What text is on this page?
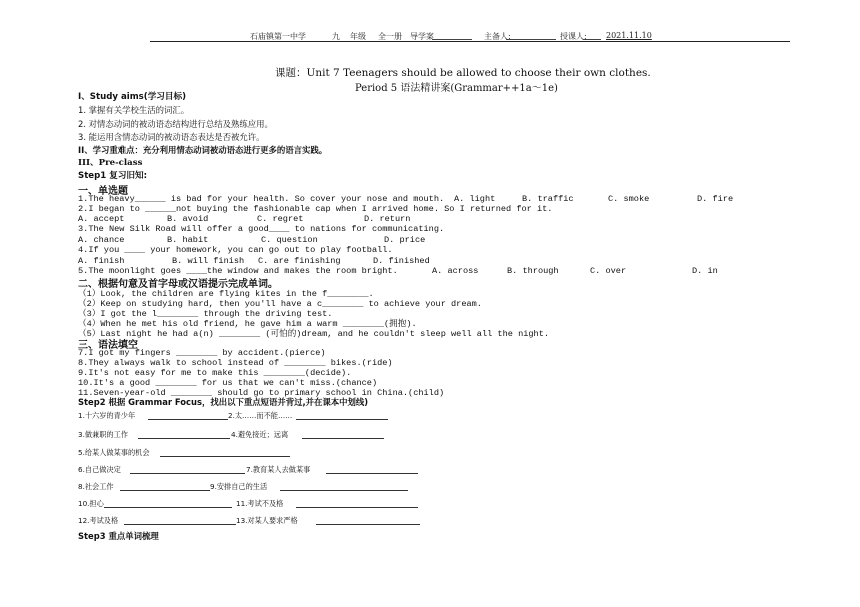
石庙镇第一中学	九 年级 全一册 导学案	主备人:	授课人: 2021.11.10
课题：Unit 7 Teenagers should be allowed to choose their own clothes.
Period 5 语法精讲案(Grammar++1a～1e)
I、Study aims(学习目标)
1. 掌握有关学校生活的词汇。
2. 对情态动词的被动语态结构进行总结及熟练应用。
3. 能运用含情态动词的被动语态表达是否被允许。
II、学习重难点：充分利用情态动词被动语态进行更多的语言实践。
III、Pre-class
Step1 复习旧知:
一、单选题
1.The heavy______ is bad for your health. So cover your nose and mouth. A. light	B. traffic	C. smoke	D. fire
2.I began to ______not buying the fashionable cap when I arrived home. So I returned for it.
A. accept	B. avoid	C. regret	D. return
3.The New Silk Road will offer a good____ to nations for communicating.
A. chance	B. habit	C. question	D. price
4.If you ____ your homework, you can go out to play football.
A. finish	B. will finish C. are finishing	D. finished
5.The moonlight goes ____the window and makes the room bright.	A. across	B. through	C. over	D. in
二、根据句意及首字母或汉语提示完成单词。
（1）Look, the children are flying kites in the f________.
（2）Keep on studying hard, then you'll have a c________ to achieve your dream.
（3）I got the l________ through the driving test.
（4）When he met his old friend, he gave him a warm ________(拥抱).
（5）Last night he had a(n) ________ (可怕的)dream, and he couldn't sleep well all the night.
三、语法填空
7.I got my fingers ________ by accident.(pierce)
8.They always walk to school instead of ________ bikes.(ride)
9.It's not easy for me to make this ________(decide).
10.It's a good ________ for us that we can't miss.(chance)
11.Seven-year-old ________ should go to primary school in China.(child)
Step2 根据 Grammar Focus，找出以下重点短语并背过,并在课本中划线)
1.十六岁的青少年	2.太……而不能……
3.做兼职的工作	4.避免接近；远离
5.给某人做某事的机会
6.自己做决定	7.教育某人去做某事
8.社会工作	9.安排自己的生活
10.担心	11.考试不及格
12.考试及格	13.对某人要求严格
Step3 重点单词梳理
